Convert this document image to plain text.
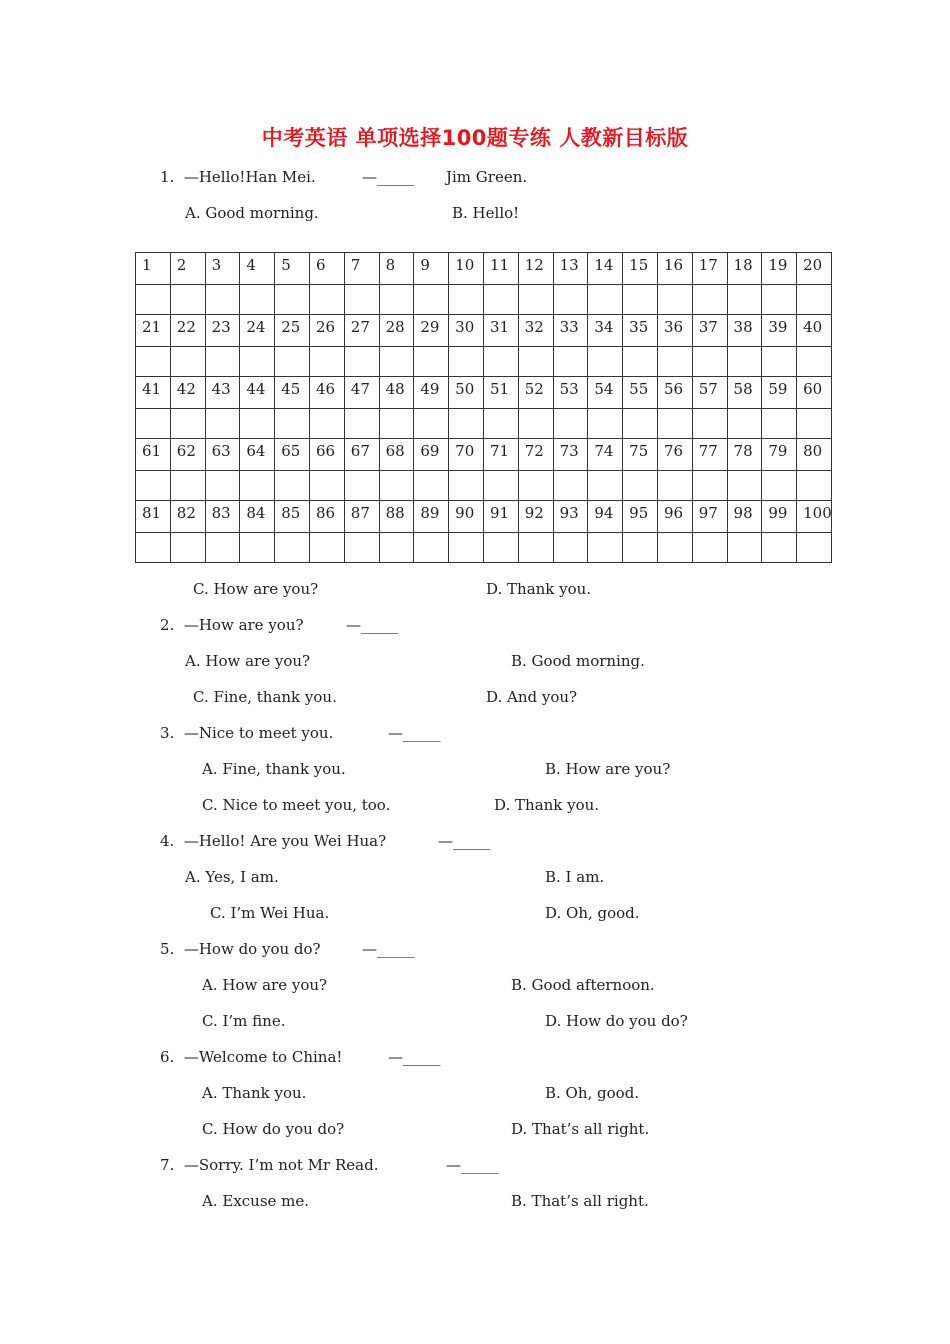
中考英语 单项选择100题专练 人教新目标版
1.  —Hello!Han Mei.	—_____ Jim Green.
A. Good morning.	B. Hello!
1	2	3	4	5	6	7	8	9	10	11	12	13	14	15	16	17	18	19	20

21	22	23	24	25	26	27	28	29	30	31	32	33	34	35	36	37	38	39	40

41	42	43	44	45	46	47	48	49	50	51	52	53	54	55	56	57	58	59	60

61	62	63	64	65	66	67	68	69	70	71	72	73	74	75	76	77	78	79	80

81	82	83	84	85	86	87	88	89	90	91	92	93	94	95	96	97	98	99	100

C. How are you?	D. Thank you.
2.  —How are you?	—_____
A. How are you?	B. Good morning.
C. Fine, thank you.	D. And you?
3.  —Nice to meet you.	—_____
A. Fine, thank you.	B. How are you?
C. Nice to meet you, too.	D. Thank you.
4.  —Hello! Are you Wei Hua?	—_____
A. Yes, I am.	B. I am.
C. I’m Wei Hua.	D. Oh, good.
5.  —How do you do?	—_____
A. How are you?	B. Good afternoon.
C. I’m fine.	D. How do you do?
6.  —Welcome to China!	—_____
A. Thank you.	B. Oh, good.
C. How do you do?	D. That’s all right.
7.  —Sorry. I’m not Mr Read.	—_____
A. Excuse me.	B. That’s all right.
